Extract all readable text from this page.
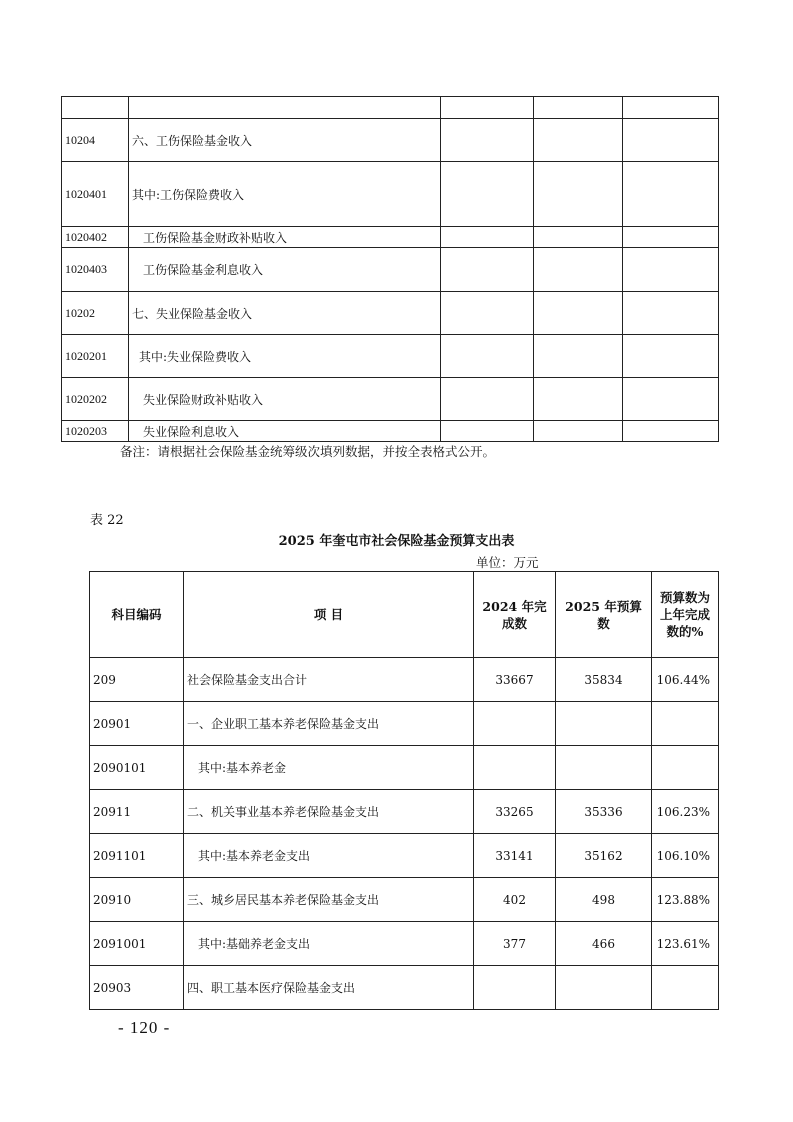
10204	六、工伤保险基金收入			
1020401	其中:工伤保险费收入			
1020402	工伤保险基金财政补贴收入			
1020403	工伤保险基金利息收入			
10202	七、失业保险基金收入			
1020201	其中:失业保险费收入			
1020202	失业保险财政补贴收入			
1020203	失业保险利息收入			
备注：请根据社会保险基金统筹级次填列数据，并按全表格式公开。
表 22
2025 年奎屯市社会保险基金预算支出表
单位：万元
科目编码	项 目	2024 年完成数	2025 年预算数	预算数为上年完成数的%
209	社会保险基金支出合计	33667	35834	106.44%
20901	一、企业职工基本养老保险基金支出			
2090101	其中:基本养老金			
20911	二、机关事业基本养老保险基金支出	33265	35336	106.23%
2091101	其中:基本养老金支出	33141	35162	106.10%
20910	三、城乡居民基本养老保险基金支出	402	498	123.88%
2091001	其中:基础养老金支出	377	466	123.61%
20903	四、职工基本医疗保险基金支出			
- 120 -
